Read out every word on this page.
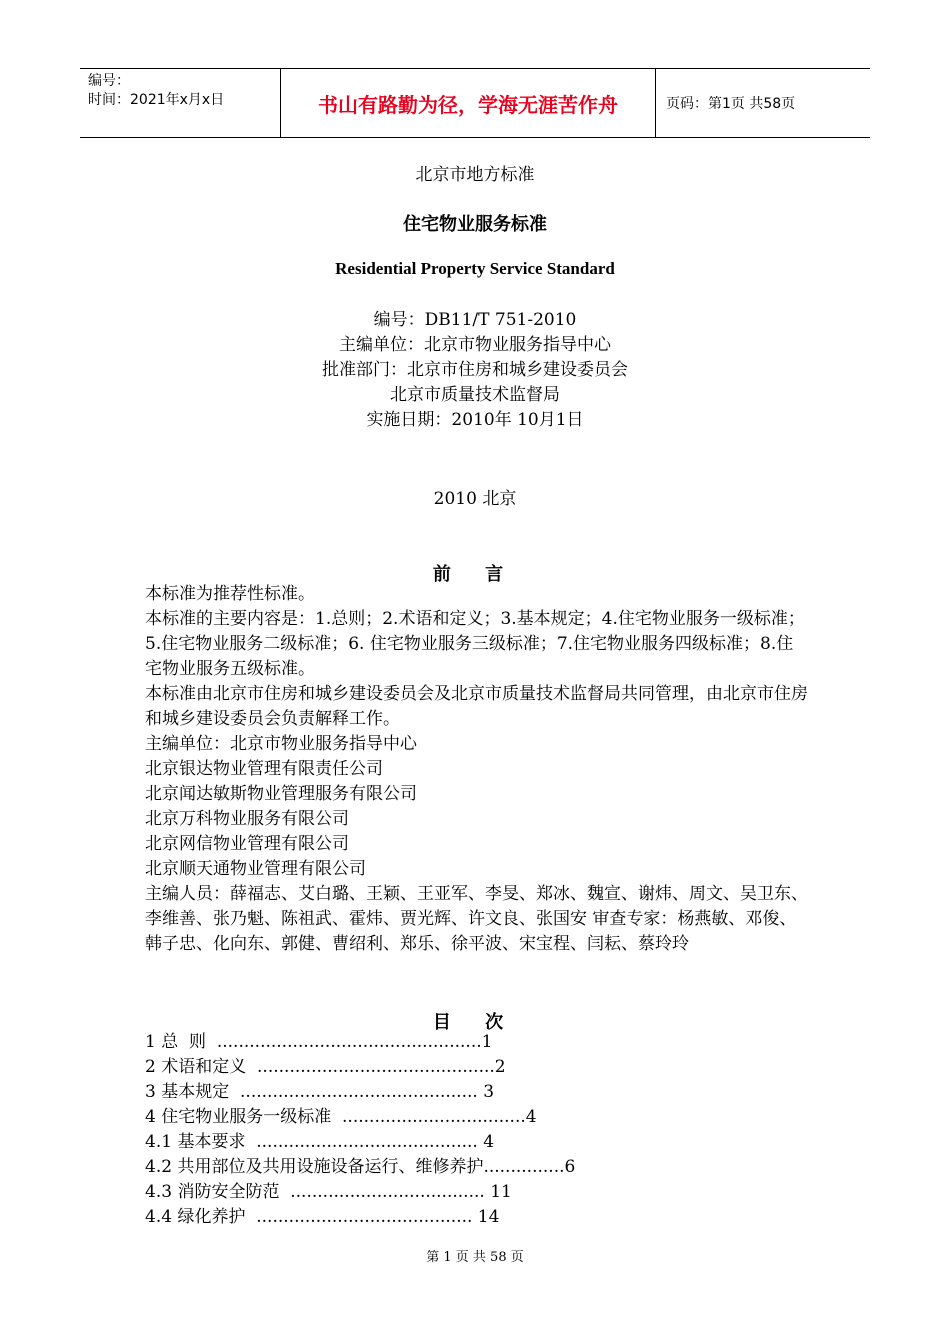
编号：
时间：2021年x月x日	书山有路勤为径，学海无涯苦作舟	页码：第1页 共58页
北京市地方标准
住宅物业服务标准
Residential Property Service Standard
编号：DB11/T 751-2010
主编单位：北京市物业服务指导中心
批准部门：北京市住房和城乡建设委员会
北京市质量技术监督局
实施日期：2010年 10月1日
2010 北京
前 言

本标准为推荐性标准。

本标准的主要内容是：1.总则；2.术语和定义；3.基本规定；4.住宅物业服务一级标准；5.住宅物业服务二级标准；6. 住宅物业服务三级标准；7.住宅物业服务四级标准；8.住宅物业服务五级标准。

本标准由北京市住房和城乡建设委员会及北京市质量技术监督局共同管理，由北京市住房和城乡建设委员会负责解释工作。

主编单位：北京市物业服务指导中心

北京银达物业管理有限责任公司

北京闻达敏斯物业管理服务有限公司

北京万科物业服务有限公司

北京网信物业管理有限公司

北京顺天通物业管理有限公司

主编人员：薛福志、艾白璐、王颖、王亚军、李旻、郑冰、魏宣、谢炜、周文、吴卫东、李维善、张乃魁、陈祖武、霍炜、贾光辉、许文良、张国安 审查专家：杨燕敏、邓俊、韩子忠、化向东、郭健、曹绍利、郑乐、徐平波、宋宝程、闫耘、蔡玲玲

目 次
1 总  则  .................................................1
2 术语和定义  ............................................2
3 基本规定  ............................................ 3
4 住宅物业服务一级标准  ..................................4
4.1 基本要求  ......................................... 4
4.2 共用部位及共用设施设备运行、维修养护...............6
4.3 消防安全防范  .................................... 11
4.4 绿化养护  ........................................ 14
第 1 页 共 58 页
